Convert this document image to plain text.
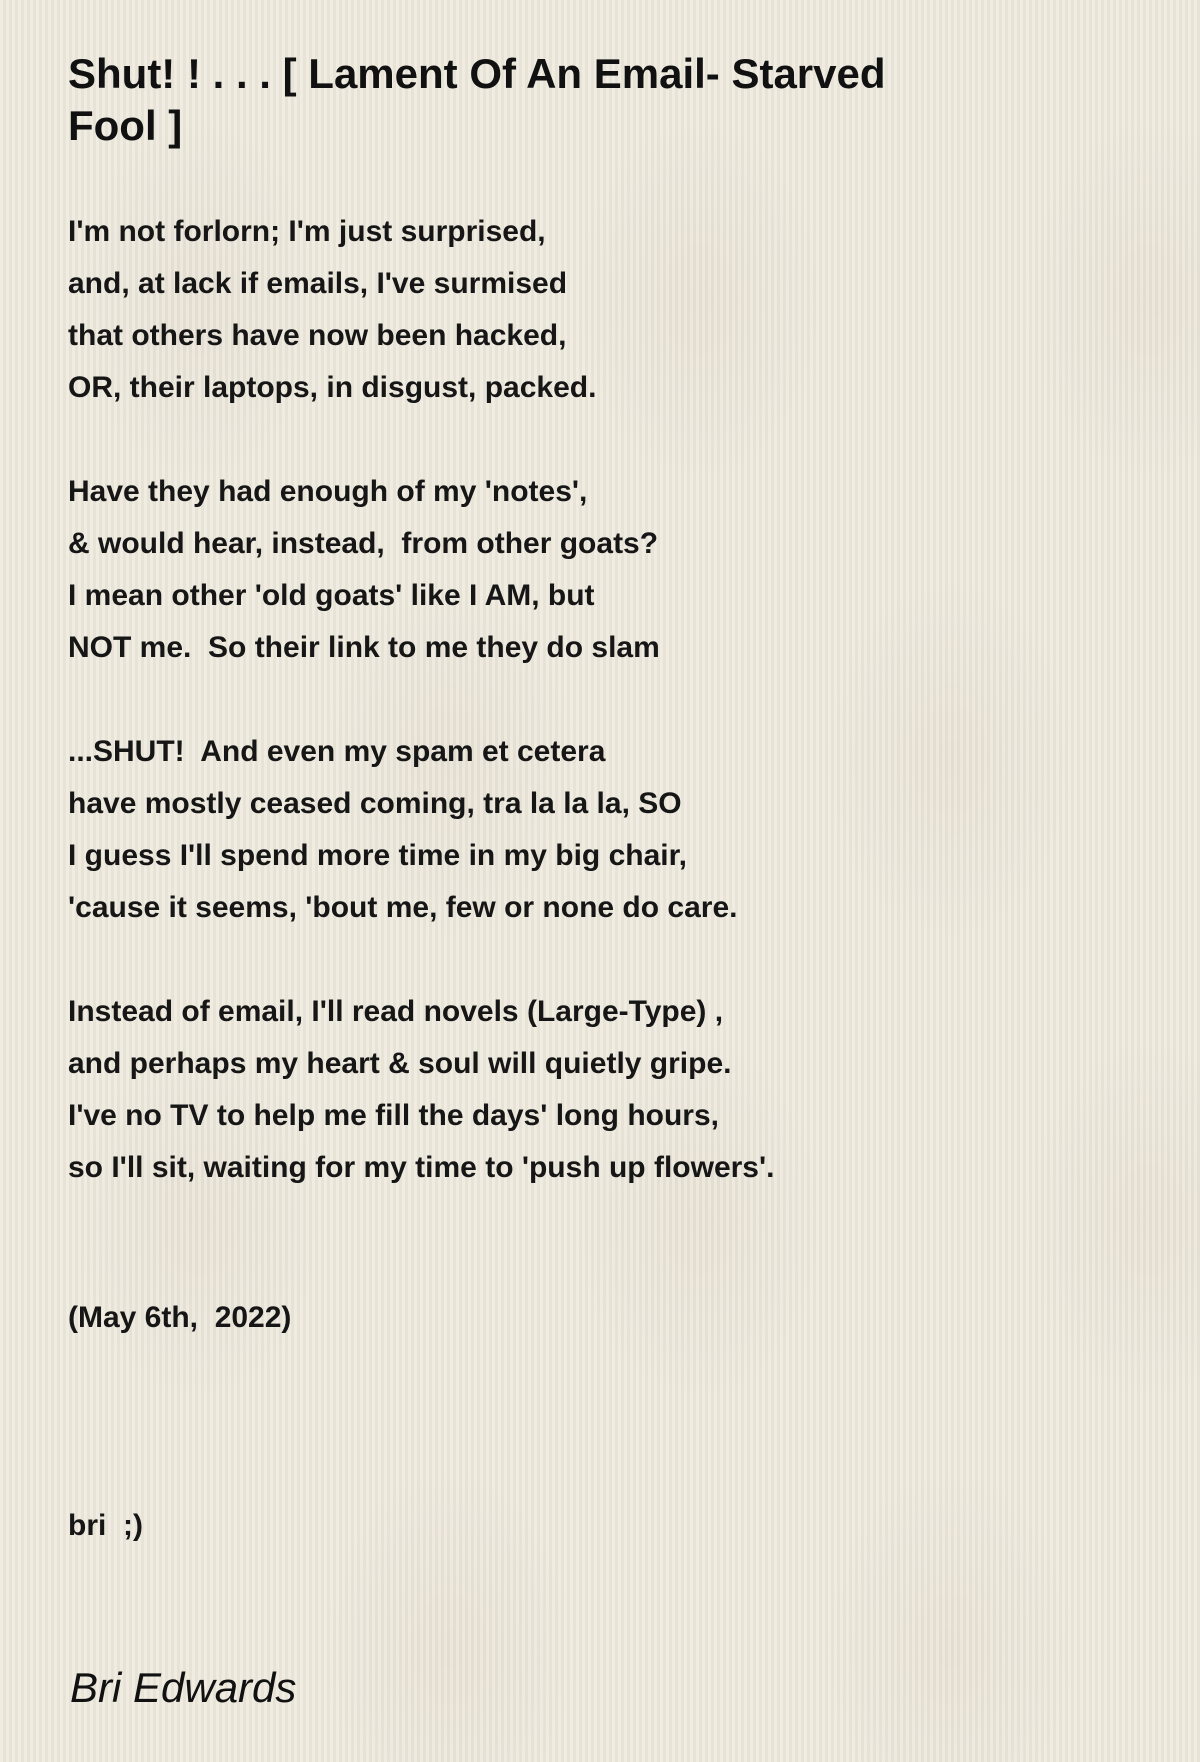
Shut! ! . . . [ Lament Of An Email- Starved Fool ]

I'm not forlorn; I'm just surprised,

and, at lack if emails, I've surmised

that others have now been hacked,

OR, their laptops, in disgust, packed.

Have they had enough of my 'notes',

& would hear, instead,  from other goats?

I mean other 'old goats' like I AM, but

NOT me.  So their link to me they do slam

...SHUT!  And even my spam et cetera

have mostly ceased coming, tra la la la, SO

I guess I'll spend more time in my big chair,

'cause it seems, 'bout me, few or none do care.

Instead of email, I'll read novels (Large-Type) ,

and perhaps my heart & soul will quietly gripe.

I've no TV to help me fill the days' long hours,

so I'll sit, waiting for my time to 'push up flowers'.

(May 6th,  2022)
bri  ;)
Bri Edwards
